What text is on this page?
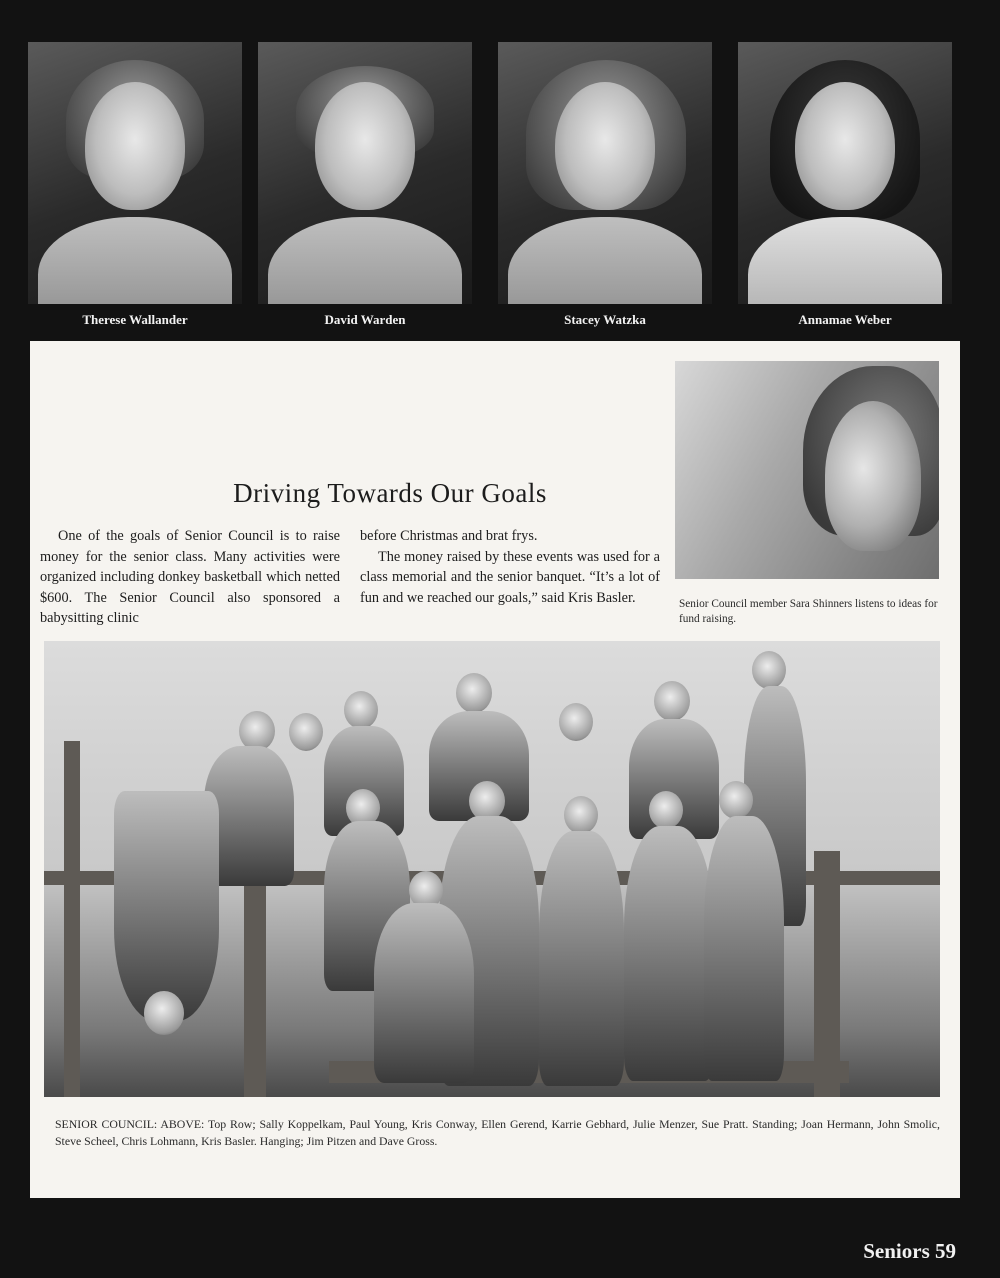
Therese Wallander	David Warden	Stacey Watzka	Annamae Weber
Driving Towards Our Goals

One of the goals of Senior Council is to raise money for the senior class. Many activities were organized including donkey basketball which netted $600. The Senior Council also sponsored a babysitting clinic

before Christmas and brat frys.

The money raised by these events was used for a class memorial and the senior banquet. “It’s a lot of fun and we reached our goals,” said Kris Basler.	Senior Council member Sara Shinners listens to ideas for fund raising.
SENIOR COUNCIL: ABOVE: Top Row; Sally Koppelkam, Paul Young, Kris Conway, Ellen Gerend, Karrie Gebhard, Julie Menzer, Sue Pratt. Standing; Joan Hermann, John Smolic, Steve Scheel, Chris Lohmann, Kris Basler. Hanging; Jim Pitzen and Dave Gross.
Seniors 59
